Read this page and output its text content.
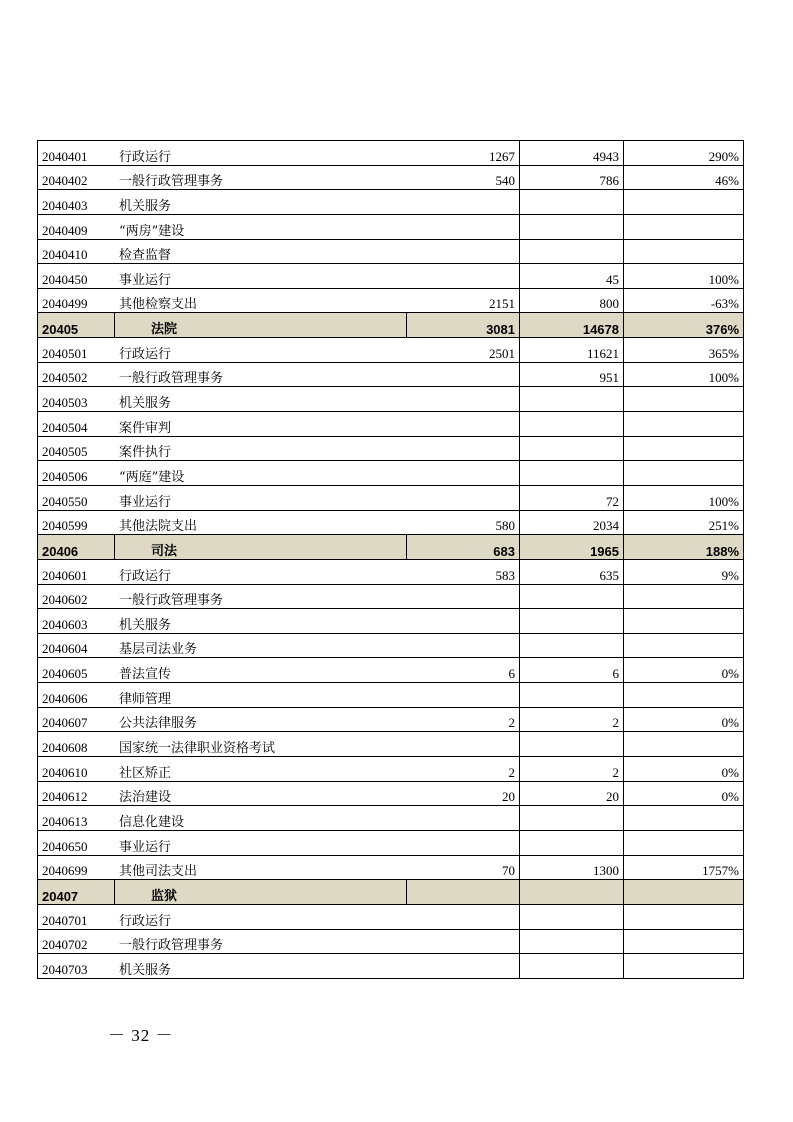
2040401	行政运行	1267	4943	290%
2040402	一般行政管理事务	540	786	46%
2040403	机关服务			
2040409	“两房”建设			
2040410	检查监督			
2040450	事业运行		45	100%
2040499	其他检察支出	2151	800	-63%
20405	法院	3081	14678	376%
2040501	行政运行	2501	11621	365%
2040502	一般行政管理事务		951	100%
2040503	机关服务			
2040504	案件审判			
2040505	案件执行			
2040506	“两庭”建设			
2040550	事业运行		72	100%
2040599	其他法院支出	580	2034	251%
20406	司法	683	1965	188%
2040601	行政运行	583	635	9%
2040602	一般行政管理事务			
2040603	机关服务			
2040604	基层司法业务			
2040605	普法宣传	6	6	0%
2040606	律师管理			
2040607	公共法律服务	2	2	0%
2040608	国家统一法律职业资格考试			
2040610	社区矫正	2	2	0%
2040612	法治建设	20	20	0%
2040613	信息化建设			
2040650	事业运行			
2040699	其他司法支出	70	1300	1757%
20407	监狱			
2040701	行政运行			
2040702	一般行政管理事务			
2040703	机关服务			
－ 32 －
